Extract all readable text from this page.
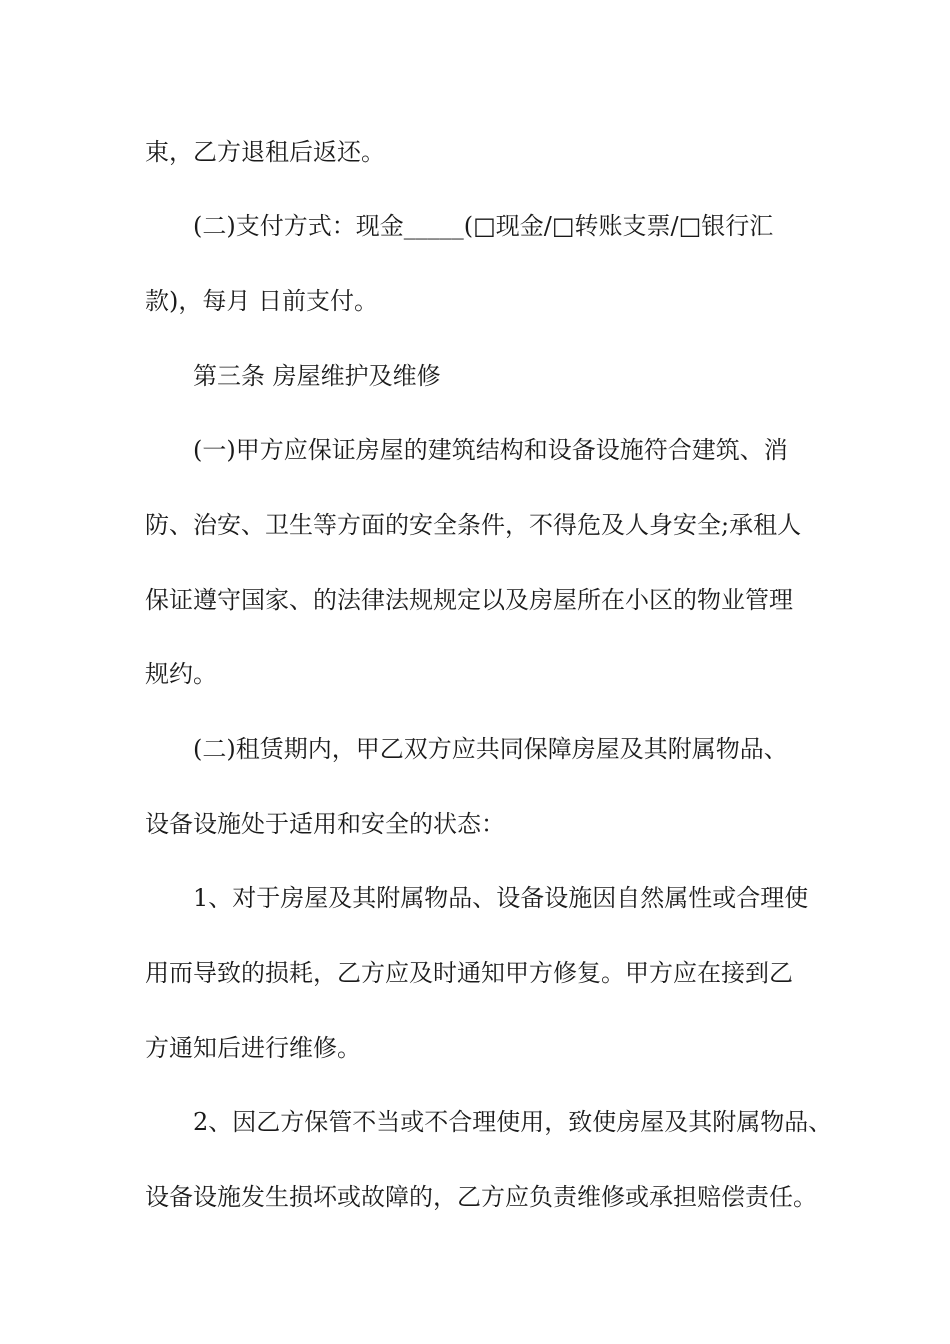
束，乙方退租后返还。
(二)支付方式：现金_____(□现金/□转账支票/□银行汇
款)，每月 日前支付。
第三条 房屋维护及维修
(一)甲方应保证房屋的建筑结构和设备设施符合建筑、消
防、治安、卫生等方面的安全条件，不得危及人身安全;承租人
保证遵守国家、的法律法规规定以及房屋所在小区的物业管理
规约。
(二)租赁期内，甲乙双方应共同保障房屋及其附属物品、
设备设施处于适用和安全的状态：
1、对于房屋及其附属物品、设备设施因自然属性或合理使
用而导致的损耗，乙方应及时通知甲方修复。甲方应在接到乙
方通知后进行维修。
2、因乙方保管不当或不合理使用，致使房屋及其附属物品、
设备设施发生损坏或故障的，乙方应负责维修或承担赔偿责任。
